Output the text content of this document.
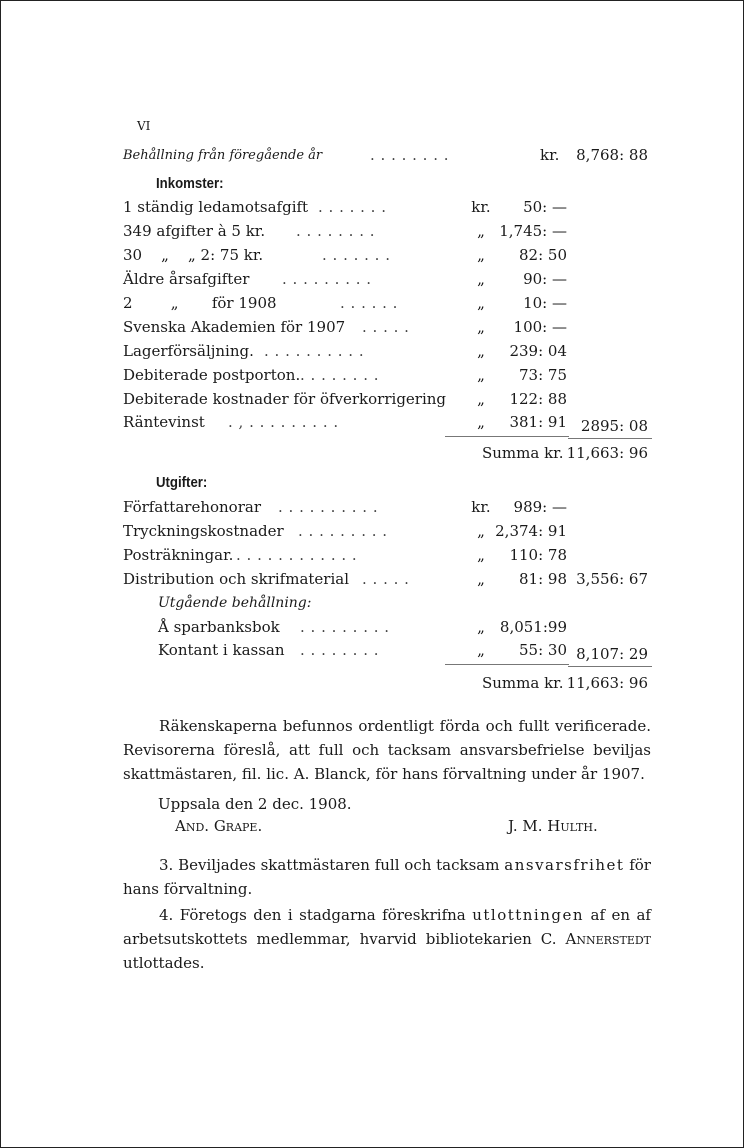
VI
Behållning från föregående år	. . . . . . . .	kr. 8,768: 88
Inkomster:
1 ständig ledamotsafgift . . . . . . .	kr.	50: —
349 afgifter à 5 kr. . . . . . . . .	„ 1,745: —
30    „    „ 2: 75 kr.	. . . . . . .	„	82: 50
Äldre årsafgifter . . . . . . . . .	„	90: —
2        „       för 1908	. . . . . .	„	10: —
Svenska Akademien för 1907 . . . . .	„	100: —
Lagerförsäljning. . . . . . . . . . .	„	239: 04
Debiterade postporton. . . . . . . . .	„	73: 75
Debiterade kostnader för öfverkorrigering	„	122: 88
Räntevinst . , . . . . . . . . .	„	381: 91 2895: 08
Summa kr. 11,663: 96
Utgifter:
Författarehonorar . . . . . . . . . .	kr.	989: —
Tryckningskostnader . . . . . . . . .	„ 2,374: 91
Posträkningar. . . . . . . . . . . . .	„	110: 78
Distribution och skrifmaterial . . . . .	„	81: 98 3,556: 67
Utgående behållning:
Å sparbanksbok . . . . . . . . .	„	8,051:99
Kontant i kassan . . . . . . . .	„	55: 30 8,107: 29
Summa kr. 11,663: 96
Räkenskaperna befunnos ordentligt förda och fullt verificerade. Revisorerna föreslå, att full och tacksam ansvarsbefrielse beviljas skattmästaren, fil. lic. A. Blanck, för hans förvaltning under år 1907.
Uppsala den 2 dec. 1908.
And. Grape.	J. M. Hulth.
3. Beviljades skattmästaren full och tacksam ansvarsfrihet för hans förvaltning.
4. Företogs den i stadgarna föreskrifna utlottningen af en af arbetsutskottets medlemmar, hvarvid bibliotekarien C. Annerstedt utlottades.
